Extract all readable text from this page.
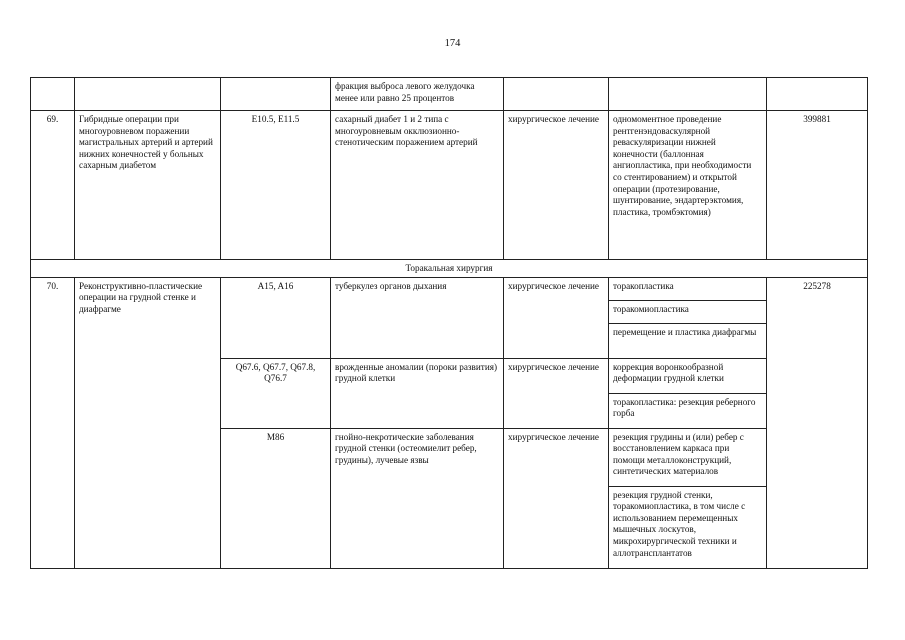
174
			фракция выброса левого желудочка менее или равно 25 процентов			
69.	Гибридные операции при многоуровневом поражении магистральных артерий и артерий нижних конечностей у больных сахарным диабетом	E10.5, E11.5	сахарный диабет 1 и 2 типа с многоуровневым окклюзионно-стенотическим поражением артерий	хирургическое лечение	одномоментное проведение рентгенэндоваскулярной реваскуляризации нижней конечности (баллонная ангиопластика, при необходимости со стентированием) и открытой операции (протезирование, шунтирование, эндартерэктомия, пластика, тромбэктомия)	399881
Торакальная хирургия						
70.	Реконструктивно-пластические операции на грудной стенке и диафрагме	A15, A16	туберкулез органов дыхания	хирургическое лечение	торакопластика	225278
					торакомиопластика	
					перемещение и пластика диафрагмы	
		Q67.6, Q67.7, Q67.8, Q76.7	врожденные аномалии (пороки развития) грудной клетки	хирургическое лечение	коррекция воронкообразной деформации грудной клетки	
					торакопластика: резекция реберного горба	
		M86	гнойно-некротические заболевания грудной стенки (остеомиелит ребер, грудины), лучевые язвы	хирургическое лечение	резекция грудины и (или) ребер с восстановлением каркаса при помощи металлоконструкций, синтетических материалов	
					резекция грудной стенки, торакомиопластика, в том числе с использованием перемещенных мышечных лоскутов, микрохирургической техники и аллотрансплантатов	
